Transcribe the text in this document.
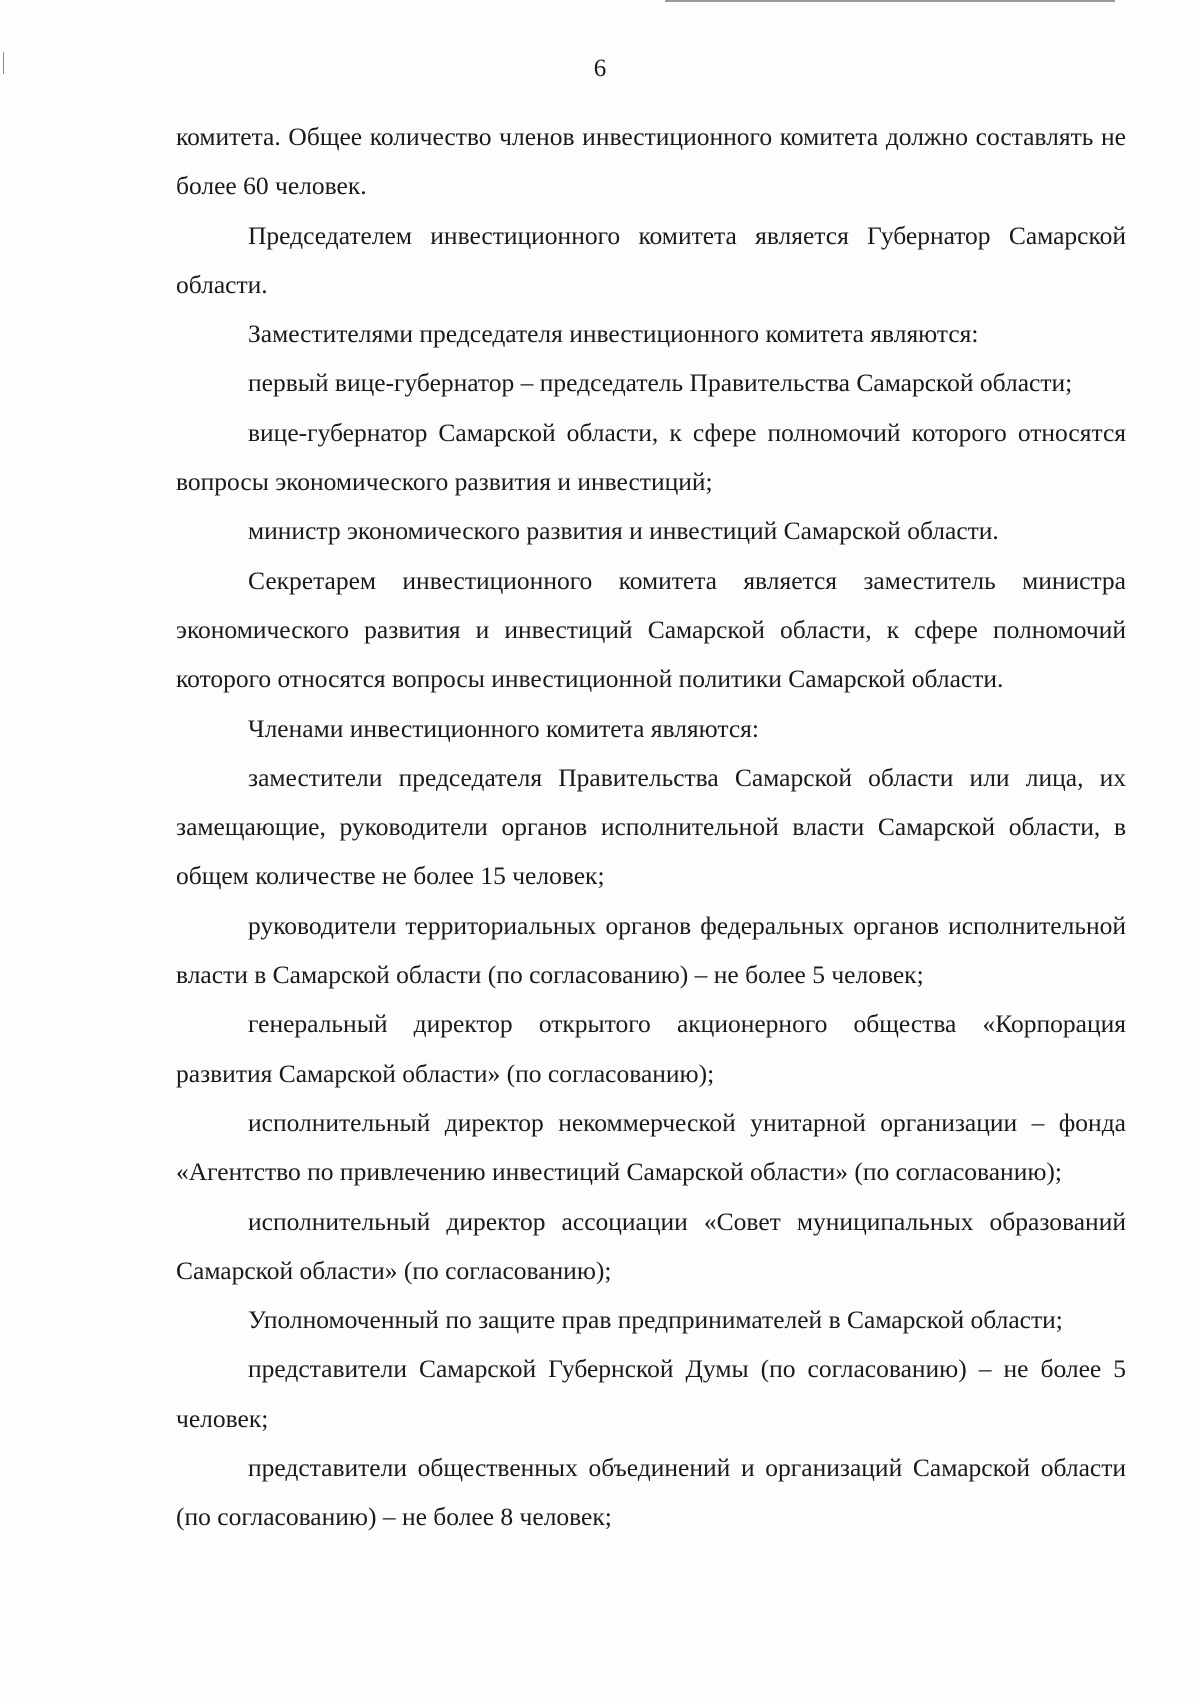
6

комитета. Общее количество членов инвестиционного комитета должно составлять не более 60 человек.

Председателем инвестиционного комитета является Губернатор Самарской области.

Заместителями председателя инвестиционного комитета являются:

первый вице-губернатор – председатель Правительства Самарской области;

вице-губернатор Самарской области, к сфере полномочий которого относятся вопросы экономического развития и инвестиций;

министр экономического развития и инвестиций Самарской области.

Секретарем инвестиционного комитета является заместитель министра экономического развития и инвестиций Самарской области, к сфере полномочий которого относятся вопросы инвестиционной политики Самарской области.

Членами инвестиционного комитета являются:

заместители председателя Правительства Самарской области или лица, их замещающие, руководители органов исполнительной власти Самарской области, в общем количестве не более 15 человек;

руководители территориальных органов федеральных органов исполнительной власти в Самарской области (по согласованию) – не более 5 человек;

генеральный директор открытого акционерного общества «Корпорация развития Самарской области» (по согласованию);

исполнительный директор некоммерческой унитарной организации – фонда «Агентство по привлечению инвестиций Самарской области» (по согласованию);

исполнительный директор ассоциации «Совет муниципальных образований Самарской области» (по согласованию);

Уполномоченный по защите прав предпринимателей в Самарской области;

представители Самарской Губернской Думы (по согласованию) – не более 5 человек;

представители общественных объединений и организаций Самарской области (по согласованию) – не более 8 человек;
